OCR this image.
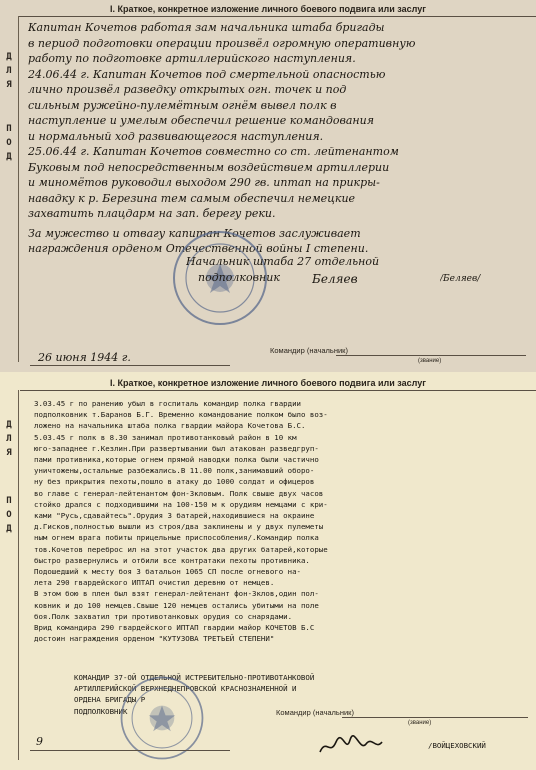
I. Краткое, конкретное изложение личного боевого подвига или заслуг
Д
Л
Я
П
О
Д

Капитан Кочетов работая зам начальника штаба бригады

в период подготовки операции произвёл огромную оперативную

работу по подготовке артиллерийского наступления.

24.06.44 г. Капитан Кочетов под смертельной опасностью

лично произвёл разведку открытых огн. точек и под

сильным ружейно-пулемётным огнём вывел полк в

наступление и умелым обеспечил решение командования

и нормальный ход развивающегося наступления.

25.06.44 г. Капитан Кочетов совместно со ст. лейтенантом

Буковым под непосредственным воздействием артиллерии

и миномётов руководил выходом 290 гв. иптап на прикры-

навадку к р. Березина тем самым обеспечил немецкие

захватить плацдарм на зап. берегу реки.

За мужество и отвагу капитан Кочетов заслуживает

награждения орденом Отечественной войны I степени.

Начальник штаба 27 отдельной

подполковник	Беляев	/Беляев/

Командир (начальник)
(звание)

26 июня 1944 г.

I. Краткое, конкретное изложение личного боевого подвига или заслуг
Д
Л
Я
П
О
Д

3.03.45 г по ранению убыл в госпиталь командир полка гвардии

подполковник т.Баранов Б.Г. Временно командование полком было воз-

ложено на начальника штаба полка гвардии майора Кочетова Б.С.

5.03.45 г полк в 8.30 занимал противотанковый район в 10 км

юго-западнее г.Кезлин.При развертывании был атакован разведгруп-

пами противника,которые огнем прямой наводки полка были частично

уничтожены,остальные разбежались.В 11.00 полк,занимавший оборо-

ну без прикрытия пехоты,пошло в атаку до 1000 солдат и офицеров

во главе с генерал-лейтенантом фон-Зкловым. Полк свыше двух часов

стойко дрался с подходившими на 100-150 м к орудиям немцами с кри-

ками "Русь,сдавайтесь".Орудия 3 батарей,находившиеся на окраине

д.Гисков,полностью вышли из строя/два заклинены и у двух пулеметы

ным огнем врага побиты прицельные приспособления/.Командир полка

тов.Кочетов переброс ил на этот участок два других батарей,которые

быстро развернулись и отбили все контратаки пехоты противника.

Подошедший к месту боя 3 батальон 1065 СП после огневого на-

лета 290 гвардейского ИПТАП очистил деревню от немцев.

В этом бою в плен был взят генерал-лейтенант фон-Зклов,один пол-

ковник и до 100 немцев.Свыше 120 немцев остались убитыми на поле

боя.Полк захватил три противотанковых орудия со снарядами.

Врид командира 290 гвардейского ИПТАП гвардии майор КОЧЕТОВ Б.С

достоин награждения орденом "КУТУЗОВА ТРЕТЬЕЙ СТЕПЕНИ"

КОМАНДИР 37-ОЙ ОТДЕЛЬНОЙ ИСТРЕБИТЕЛЬНО-ПРОТИВОТАНКОВОЙ

АРТИЛЛЕРИЙСКОЙ ВЕРХНЕДНЕПРОВСКОЙ КРАСНОЗНАМЕННОЙ И

ОРДЕНА БРИГАДЫ Р

ПОДПОЛКОВНИК	Командир (начальник)
(звание)

/ВОЙЦЕХОВСКИЙ

9
